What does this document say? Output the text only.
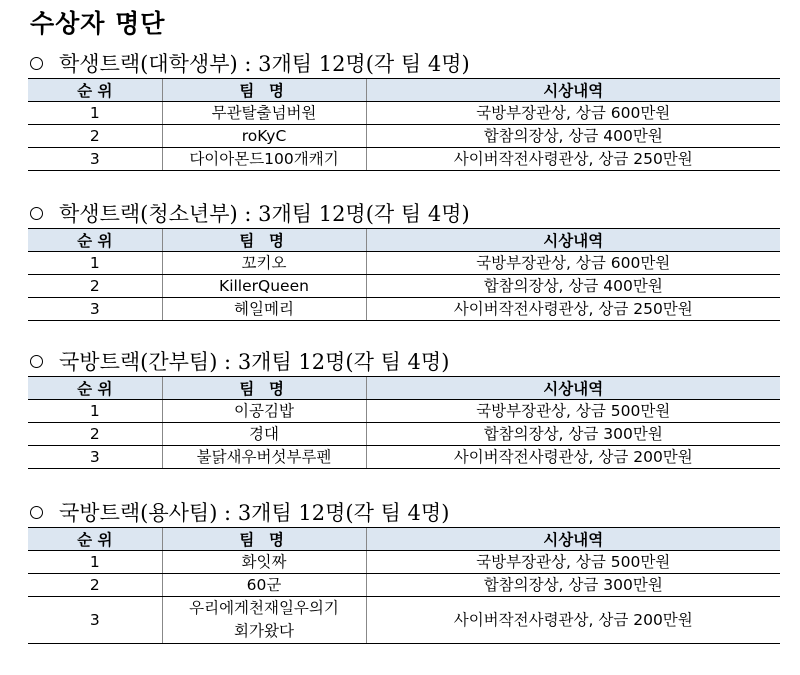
수상자 명단
학생트랙(대학생부) : 3개팀 12명(각 팀 4명)
순 위	팀 명	시상내역
1	무관탈출넘버원	국방부장관상, 상금 600만원
2	roKyC	합참의장상, 상금 400만원
3	다이아몬드100개캐기	사이버작전사령관상, 상금 250만원
학생트랙(청소년부) : 3개팀 12명(각 팀 4명)
순 위	팀 명	시상내역
1	꼬키오	국방부장관상, 상금 600만원
2	KillerQueen	합참의장상, 상금 400만원
3	헤일메리	사이버작전사령관상, 상금 250만원
국방트랙(간부팀) : 3개팀 12명(각 팀 4명)
순 위	팀 명	시상내역
1	이공김밥	국방부장관상, 상금 500만원
2	경대	합참의장상, 상금 300만원
3	불닭새우버섯부루펜	사이버작전사령관상, 상금 200만원
국방트랙(용사팀) : 3개팀 12명(각 팀 4명)
순 위	팀 명	시상내역
1	화잇짜	국방부장관상, 상금 500만원
2	60군	합참의장상, 상금 300만원
3	우리에게천재일우의기
회가왔다	사이버작전사령관상, 상금 200만원
